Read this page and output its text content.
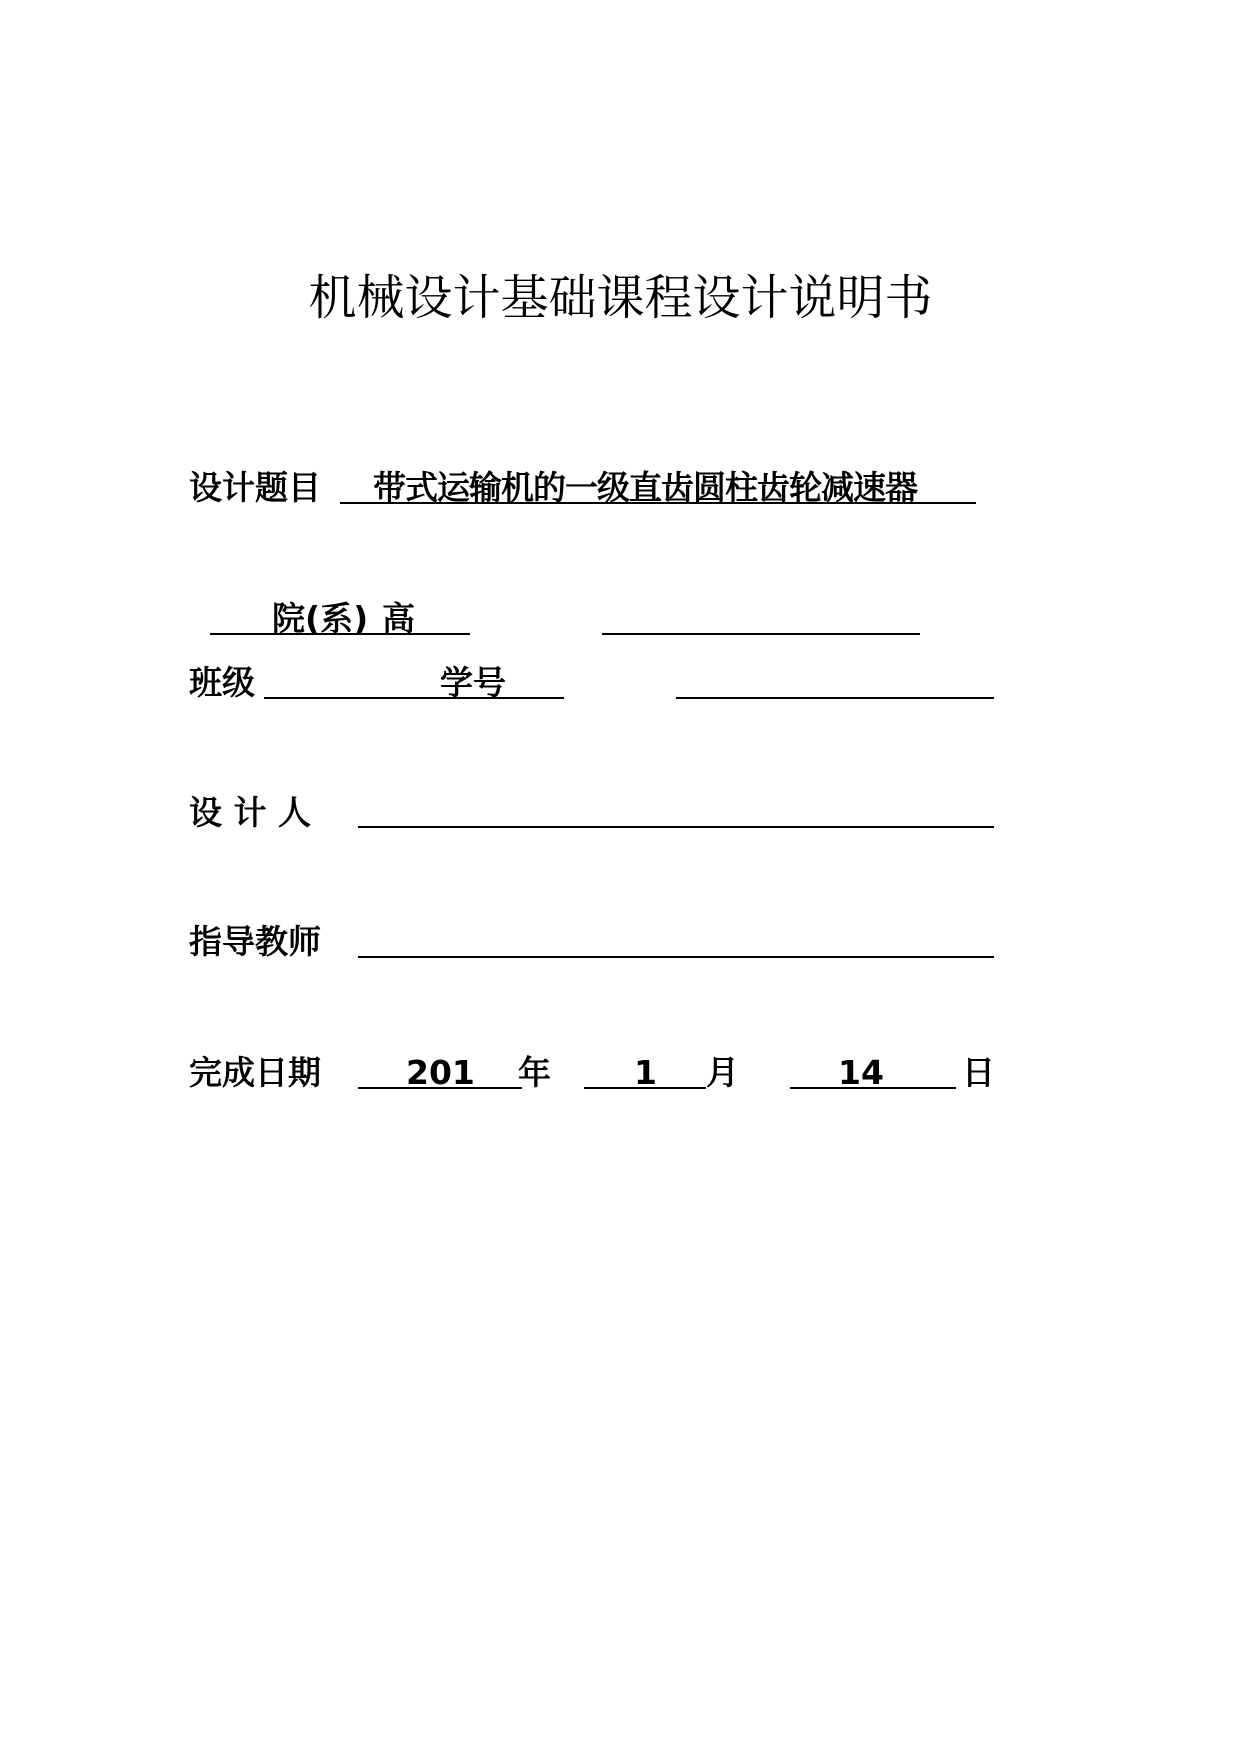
机械设计基础课程设计说明书
设计题目 带式运输机的一级直齿圆柱齿轮减速器
院(系) 高
班级	学号
设 计 人
指导教师
完成日期	201 年	1 月	14 日
